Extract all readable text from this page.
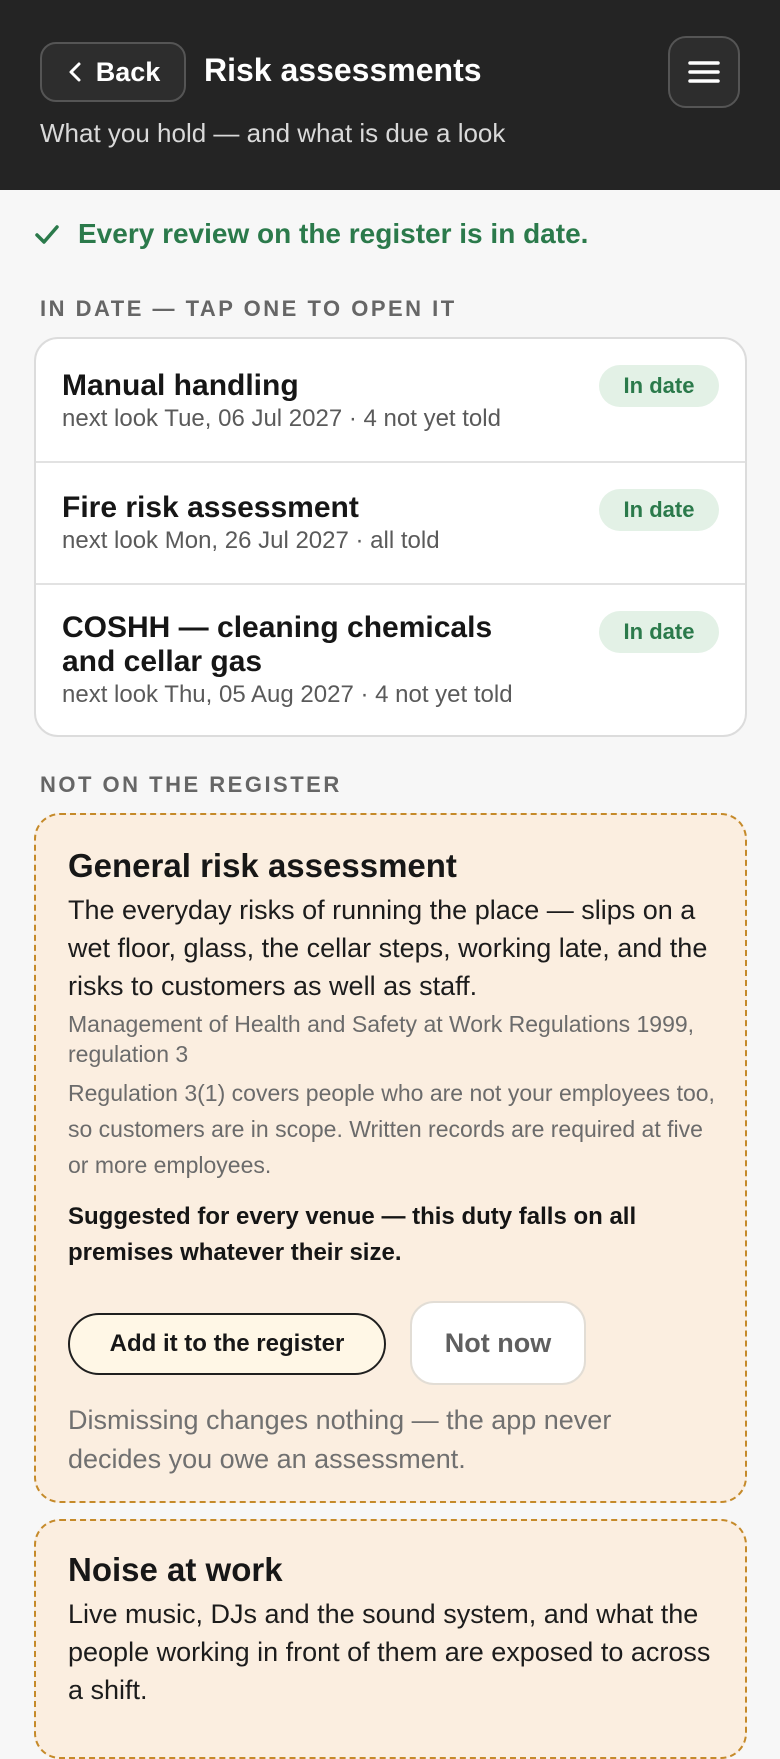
Back Risk assessments
What you hold — and what is due a look
Every review on the register is in date.
IN DATE — TAP ONE TO OPEN IT
Manual handling
next look Tue, 06 Jul 2027 · 4 not yet told
In date
Fire risk assessment
next look Mon, 26 Jul 2027 · all told
In date
COSHH — cleaning chemicals and cellar gas
next look Thu, 05 Aug 2027 · 4 not yet told
In date
NOT ON THE REGISTER
General risk assessment
The everyday risks of running the place — slips on a wet floor, glass, the cellar steps, working late, and the risks to customers as well as staff.
Management of Health and Safety at Work Regulations 1999, regulation 3
Regulation 3(1) covers people who are not your employees too, so customers are in scope. Written records are required at five or more employees.
Suggested for every venue — this duty falls on all premises whatever their size.
Add it to the register	Not now
Dismissing changes nothing — the app never decides you owe an assessment.
Noise at work
Live music, DJs and the sound system, and what the people working in front of them are exposed to across a shift.
